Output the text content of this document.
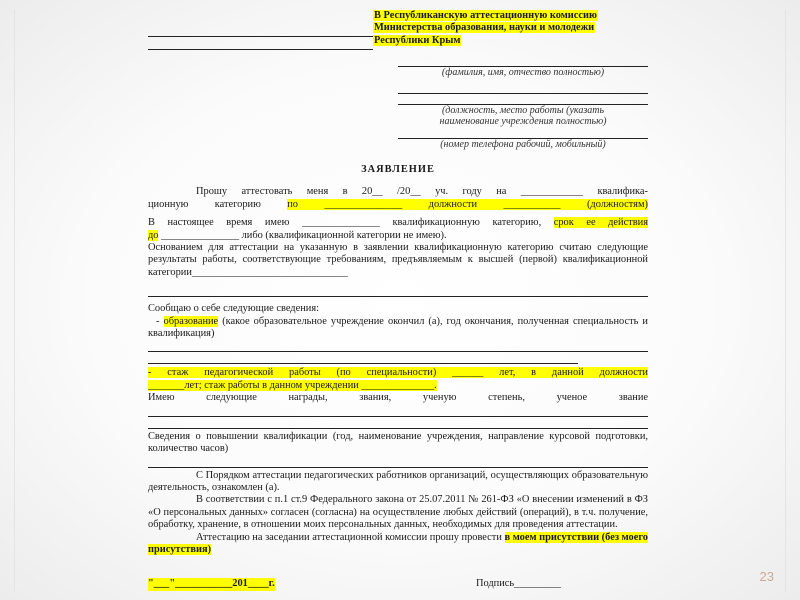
В Республиканскую аттестационную комиссию
Министерства образования, науки и молодежи
Республики Крым
(фамилия, имя, отчество полностью)
(должность, место работы (указать
наименование учреждения полностью)
(номер телефона рабочий, мобильный)
ЗАЯВЛЕНИЕ

Прошу аттестовать меня в 20__ /20__ уч. году на ____________ квалифика-

ционную категорию по _______________ должности ___________ (должностям)

В настоящее время имею _______________ квалификационную категорию, срок ее действия

до _______________ либо (квалификационной категории не имею).

Основанием для аттестации на указанную в заявлении квалификационную категорию считаю следующие результаты работы, соответствующие требованиям, предъявляемым к высшей (первой) квалификационной категории______________________________

Сообщаю о себе следующие сведения:

- образование (какое образовательное учреждение окончил (а), год окончания, полученная специальность и квалификация)

- стаж педагогической работы (по специальности) ______ лет, в данной должности

_______лет; стаж работы в данном учреждении ______________.

Имею следующие награды, звания, ученую степень, ученое звание

Сведения о повышении квалификации (год, наименование учреждения, направление курсовой подготовки, количество часов)

С Порядком аттестации педагогических работников организаций, осуществляющих образовательную деятельность, ознакомлен (а).

В соответствии с п.1 ст.9 Федерального закона от 25.07.2011 № 261-ФЗ «О внесении изменений в ФЗ «О персональных данных» согласен (согласна) на осуществление любых действий (операций), в т.ч. получение, обработку, хранение, в отношении моих персональных данных, необходимых для проведения аттестации.

Аттестацию на заседании аттестационной комиссии прошу провести в моем присутствии (без моего присутствия)

"___"___________201____г.	Подпись_________	23
